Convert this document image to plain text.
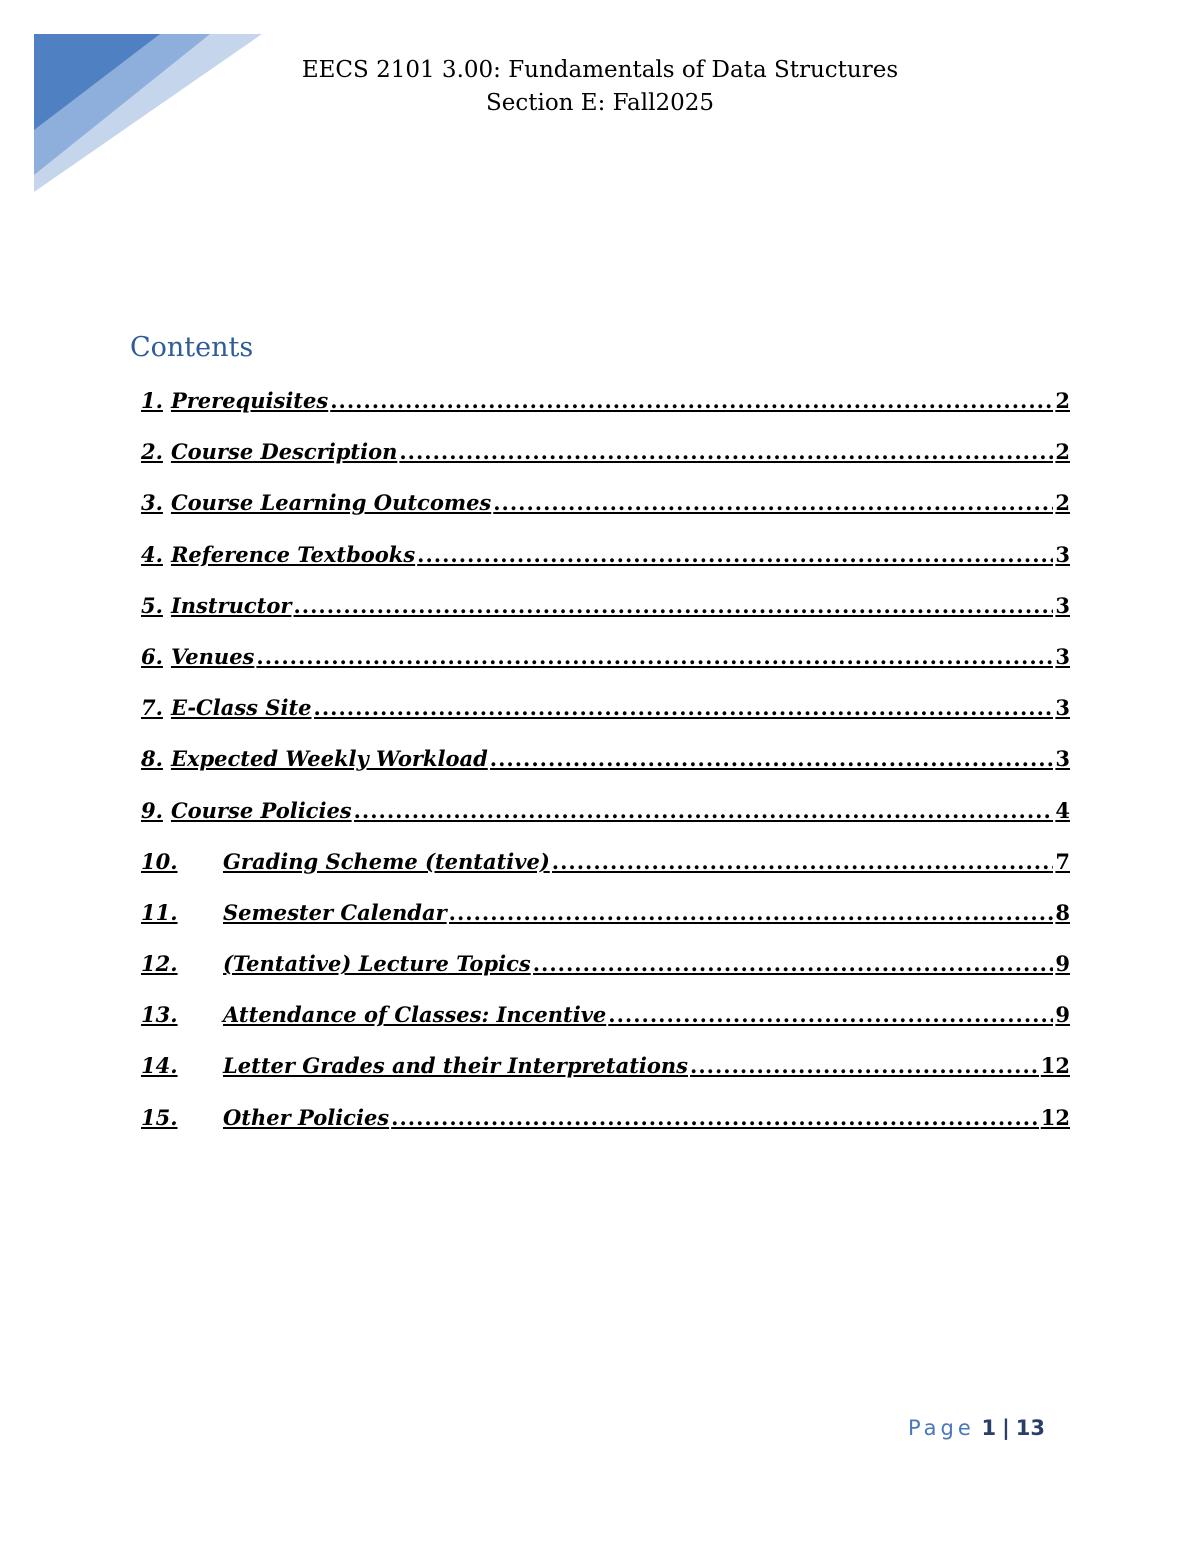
EECS 2101 3.00: Fundamentals of Data Structures
Section E: Fall2025
Contents
1. Prerequisites .....	2
2. Course Description .....	2
3. Course Learning Outcomes .....	2
4. Reference Textbooks .....	3
5. Instructor .....	3
6. Venues .....	3
7. E-Class Site .....	3
8. Expected Weekly Workload .....	3
9. Course Policies .....	4
10.	Grading Scheme (tentative) .....	7
11.	Semester Calendar .....	8
12.	(Tentative) Lecture Topics .....	9
13.	Attendance of Classes: Incentive .....	9
14.	Letter Grades and their Interpretations .....	12
15.	Other Policies .....	12
Page 1 | 13
